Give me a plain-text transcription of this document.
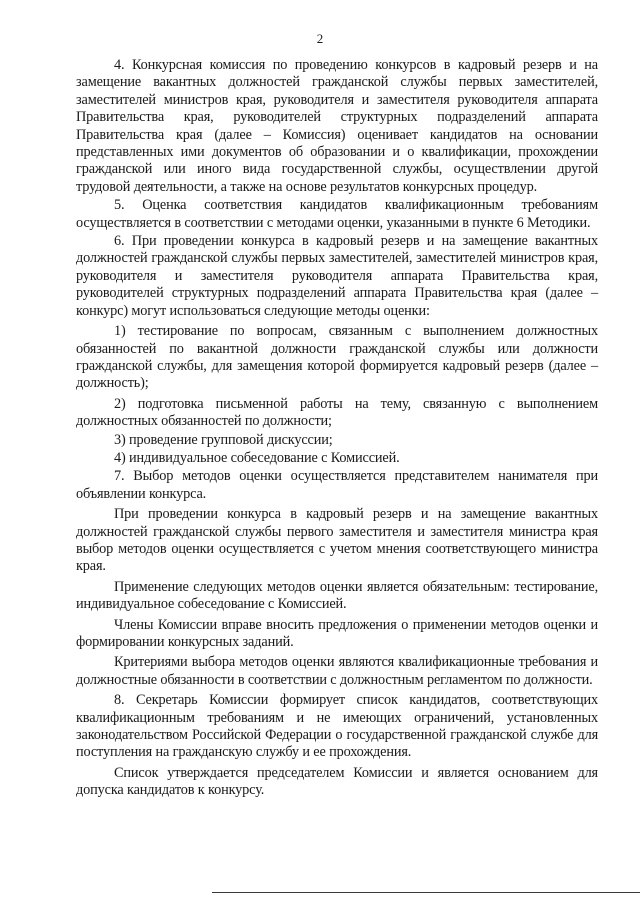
2

4. Конкурсная комиссия по проведению конкурсов в кадровый резерв и на замещение вакантных должностей гражданской службы первых заместителей, заместителей министров края, руководителя и заместителя руководителя аппарата Правительства края, руководителей структурных подразделений аппарата Правительства края (далее – Комиссия) оценивает кандидатов на основании представленных ими документов об образовании и о квалификации, прохождении гражданской или иного вида государственной службы, осуществлении другой трудовой деятельности, а также на основе результатов конкурсных процедур.

5. Оценка соответствия кандидатов квалификационным требованиям осуществляется в соответствии с методами оценки, указанными в пункте 6 Методики.

6. При проведении конкурса в кадровый резерв и на замещение вакантных должностей гражданской службы первых заместителей, заместителей министров края, руководителя и заместителя руководителя аппарата Правительства края, руководителей структурных подразделений аппарата Правительства края (далее – конкурс) могут использоваться следующие методы оценки:

1) тестирование по вопросам, связанным с выполнением должностных обязанностей по вакантной должности гражданской службы или должности гражданской службы, для замещения которой формируется кадровый резерв (далее – должность);

2) подготовка письменной работы на тему, связанную с выполнением должностных обязанностей по должности;

3) проведение групповой дискуссии;

4) индивидуальное собеседование с Комиссией.

7. Выбор методов оценки осуществляется представителем нанимателя при объявлении конкурса.

При проведении конкурса в кадровый резерв и на замещение вакантных должностей гражданской службы первого заместителя и заместителя министра края выбор методов оценки осуществляется с учетом мнения соответствующего министра края.

Применение следующих методов оценки является обязательным: тестирование, индивидуальное собеседование с Комиссией.

Члены Комиссии вправе вносить предложения о применении методов оценки и формировании конкурсных заданий.

Критериями выбора методов оценки являются квалификационные требования и должностные обязанности в соответствии с должностным регламентом по должности.

8. Секретарь Комиссии формирует список кандидатов, соответствующих квалификационным требованиям и не имеющих ограничений, установленных законодательством Российской Федерации о государственной гражданской службе для поступления на гражданскую службу и ее прохождения.

Список утверждается председателем Комиссии и является основанием для допуска кандидатов к конкурсу.
